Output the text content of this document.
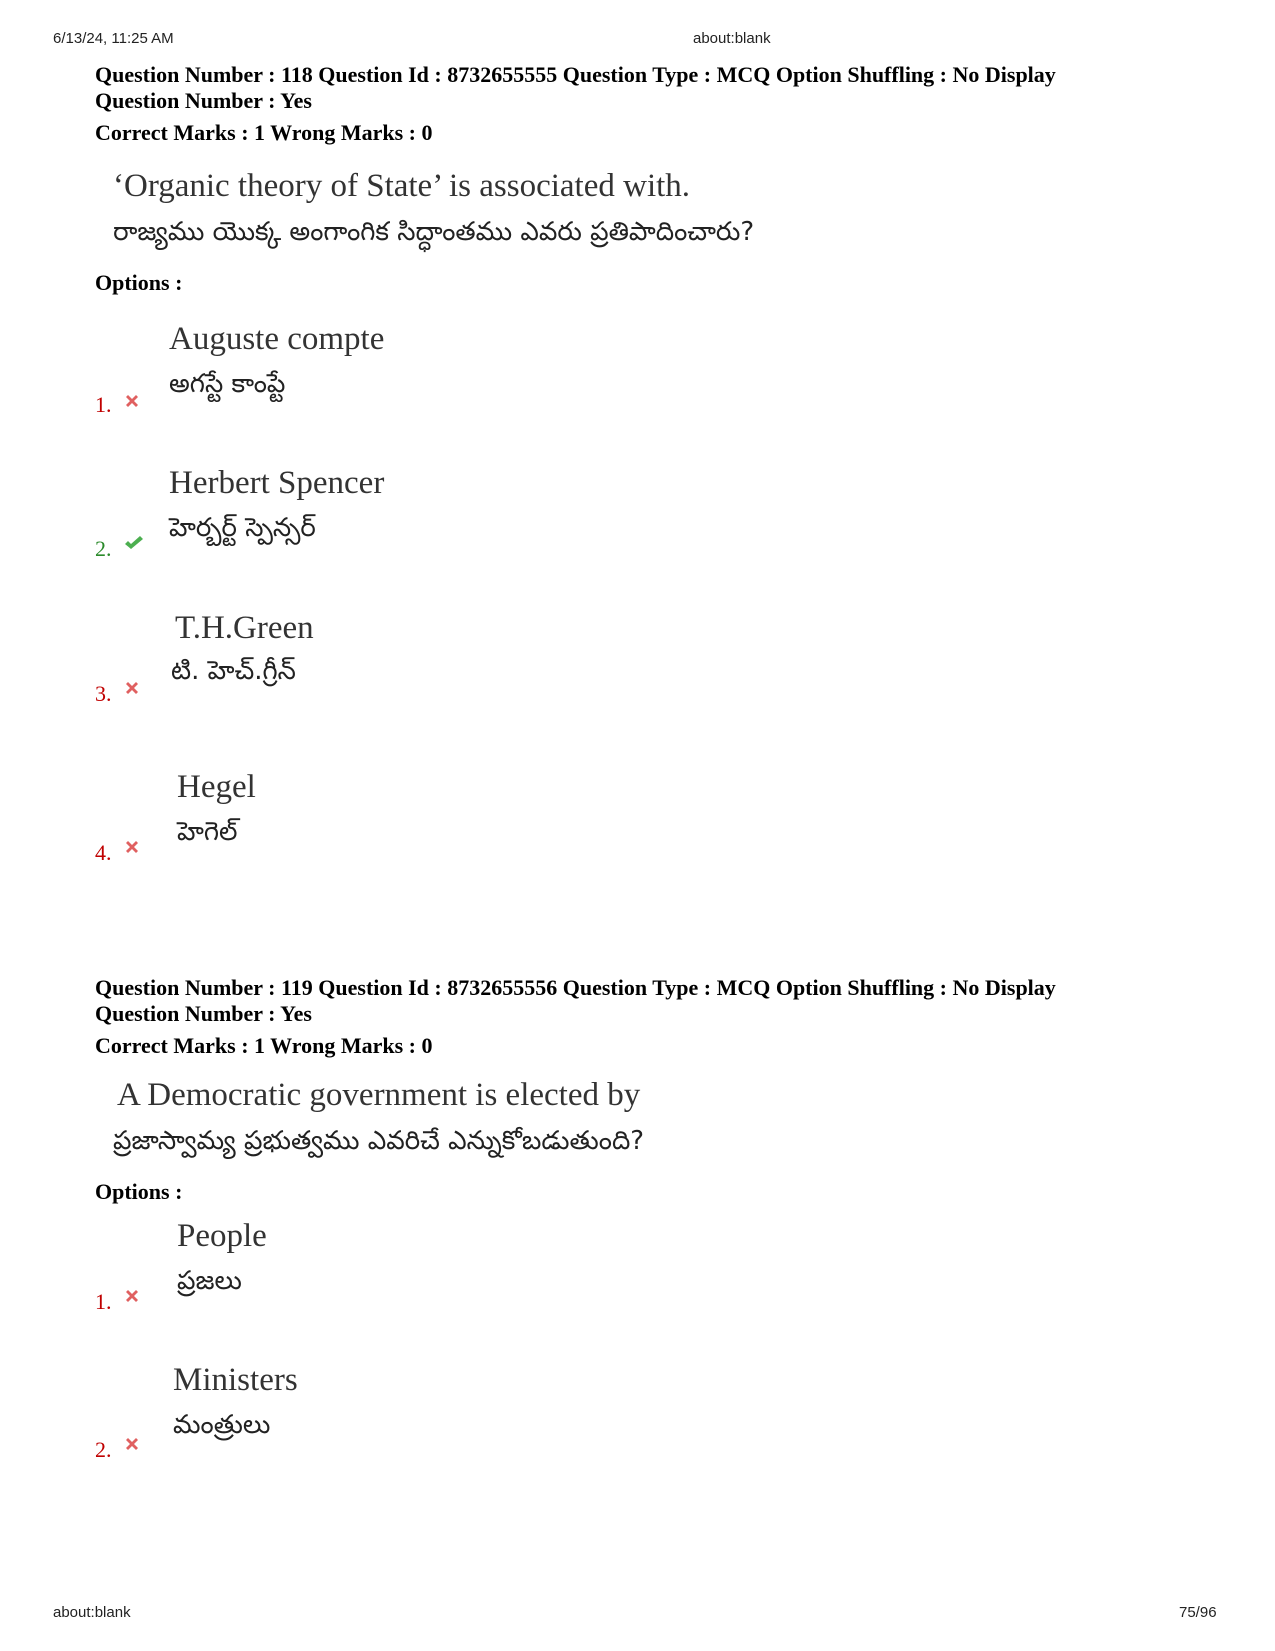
6/13/24, 11:25 AM	about:blank
Question Number : 118 Question Id : 8732655555 Question Type : MCQ Option Shuffling : No Display
Question Number : Yes
Correct Marks : 1 Wrong Marks : 0
‘Organic theory of State’ is associated with.
రాజ్యము యొక్క అంగాంగిక సిద్ధాంతము ఎవరు ప్రతిపాదించారు?
Options :
Auguste compte
అగస్టే కాంప్టే
1.
Herbert Spencer
హెర్బర్ట్ స్పెన్సర్
2.
T.H.Green
టి. హెచ్.గ్రీన్
3.
Hegel
హెగెల్
4.
Question Number : 119 Question Id : 8732655556 Question Type : MCQ Option Shuffling : No Display
Question Number : Yes
Correct Marks : 1 Wrong Marks : 0
A Democratic government is elected by
ప్రజాస్వామ్య ప్రభుత్వము ఎవరిచే ఎన్నుకోబడుతుంది?
Options :
People
ప్రజలు
1.
Ministers
మంత్రులు
2.
about:blank	75/96
